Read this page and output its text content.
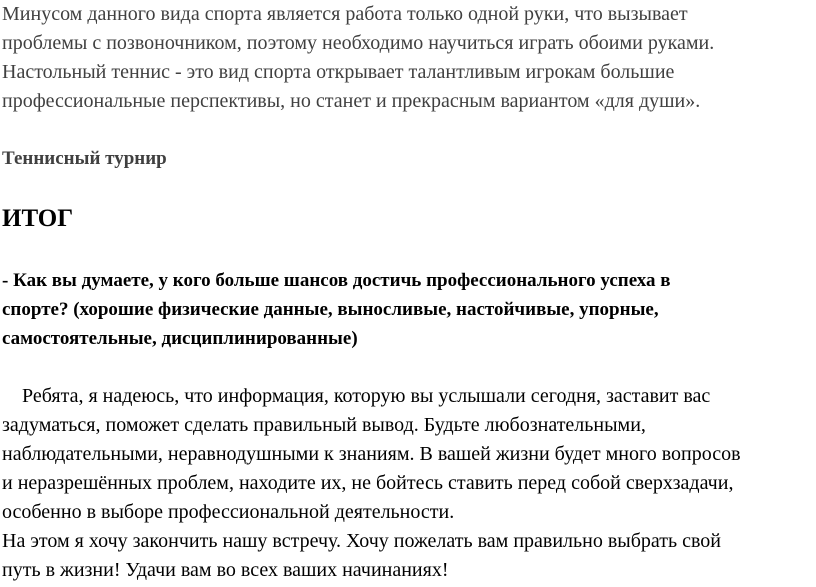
Минусом данного вида спорта является работа только одной руки, что вызывает
проблемы с позвоночником, поэтому необходимо научиться играть обоими руками.
Настольный теннис - это вид спорта открывает талантливым игрокам большие
профессиональные перспективы, но станет и прекрасным вариантом «для души».
Теннисный турнир
ИТОГ
- Как вы думаете, у кого больше шансов достичь профессионального успеха в
спорте? (хорошие физические данные, выносливые, настойчивые, упорные,
самостоятельные, дисциплинированные)
Ребята, я надеюсь, что информация, которую вы услышали сегодня, заставит вас
задуматься, поможет сделать правильный вывод. Будьте любознательными,
наблюдательными, неравнодушными к знаниям. В вашей жизни будет много вопросов
и неразрешённых проблем, находите их, не бойтесь ставить перед собой сверхзадачи,
особенно в выборе профессиональной деятельности.
На этом я хочу закончить нашу встречу. Хочу пожелать вам правильно выбрать свой
путь в жизни! Удачи вам во всех ваших начинаниях!
